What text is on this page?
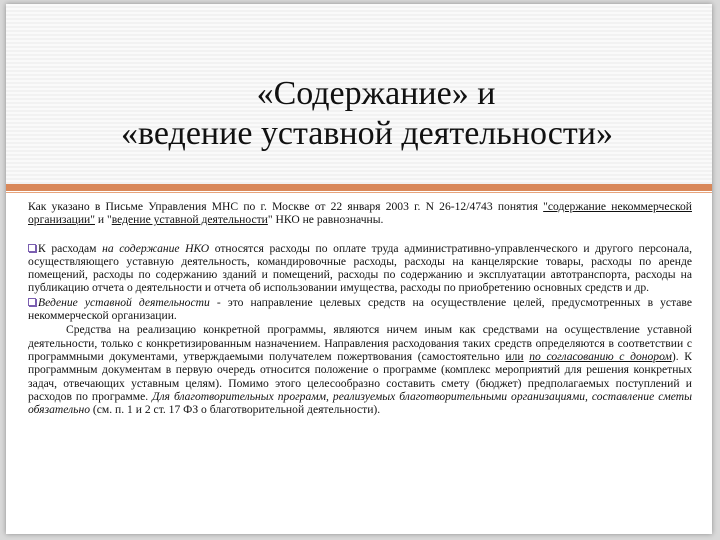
«Содержание» и
«ведение уставной деятельности»

Как указано в Письме Управления МНС по г. Москве от 22 января 2003 г. N 26-12/4743 понятия "содержание некоммерческой организации" и "ведение уставной деятельности" НКО не равнозначны.

К расходам на содержание НКО относятся расходы по оплате труда административно-управленческого и другого персонала, осуществляющего уставную деятельность, командировочные расходы, расходы на канцелярские товары, расходы по аренде помещений, расходы по содержанию зданий и помещений, расходы по содержанию и эксплуатации автотранспорта, расходы на публикацию отчета о деятельности и отчета об использовании имущества, расходы по приобретению основных средств и др.

Ведение уставной деятельности - это направление целевых средств на осуществление целей, предусмотренных в уставе некоммерческой организации.

Средства на реализацию конкретной программы, являются ничем иным как средствами на осуществление уставной деятельности, только с конкретизированным назначением. Направления расходования таких средств определяются в соответствии с программными документами, утверждаемыми получателем пожертвования (самостоятельно или по согласованию с донором). К программным документам в первую очередь относится положение о программе (комплекс мероприятий для решения конкретных задач, отвечающих уставным целям). Помимо этого целесообразно составить смету (бюджет) предполагаемых поступлений и расходов по программе. Для благотворительных программ, реализуемых благотворительными организациями, составление сметы обязательно (см. п. 1 и 2 ст. 17 ФЗ о благотворительной деятельности).
